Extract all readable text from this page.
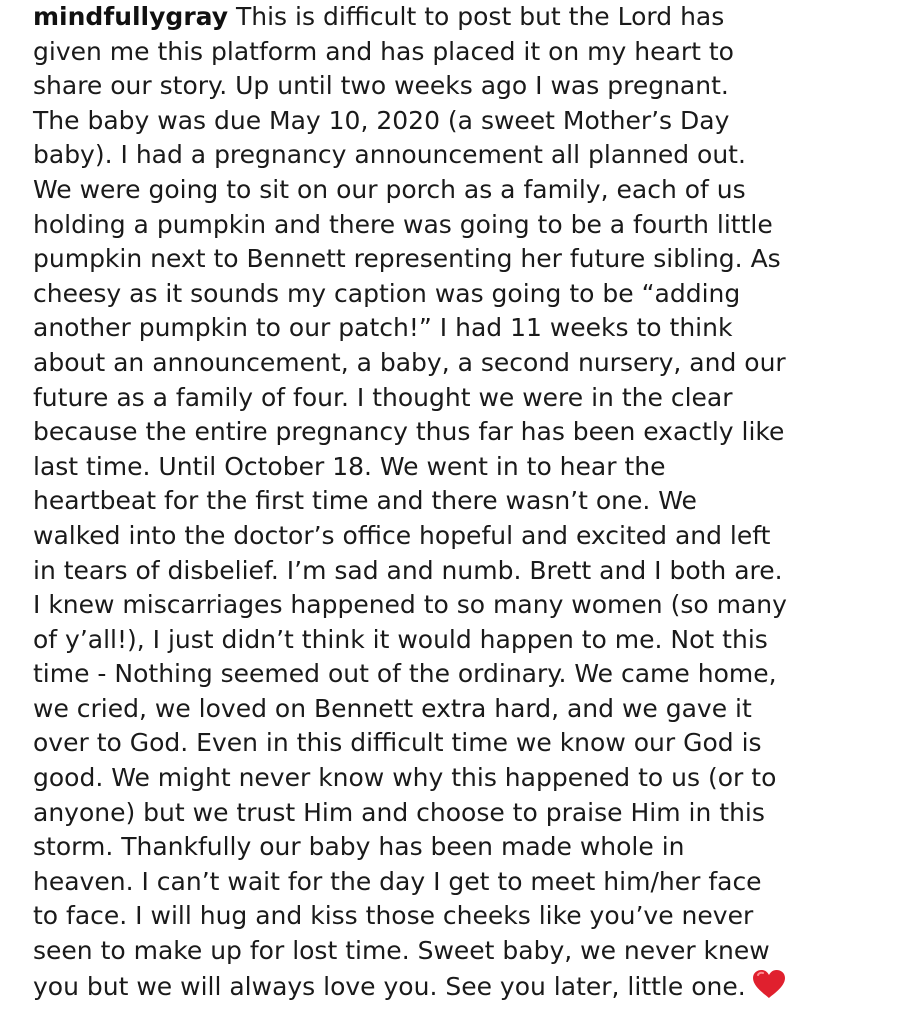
mindfullygray This is difficult to post but the Lord has
given me this platform and has placed it on my heart to
share our story. Up until two weeks ago I was pregnant.
The baby was due May 10, 2020 (a sweet Mother’s Day
baby). I had a pregnancy announcement all planned out.
We were going to sit on our porch as a family, each of us
holding a pumpkin and there was going to be a fourth little
pumpkin next to Bennett representing her future sibling. As
cheesy as it sounds my caption was going to be “adding
another pumpkin to our patch!” I had 11 weeks to think
about an announcement, a baby, a second nursery, and our
future as a family of four. I thought we were in the clear
because the entire pregnancy thus far has been exactly like
last time. Until October 18. We went in to hear the
heartbeat for the first time and there wasn’t one. We
walked into the doctor’s office hopeful and excited and left
in tears of disbelief. I’m sad and numb. Brett and I both are.
I knew miscarriages happened to so many women (so many
of y’all!), I just didn’t think it would happen to me. Not this
time - Nothing seemed out of the ordinary. We came home,
we cried, we loved on Bennett extra hard, and we gave it
over to God. Even in this difficult time we know our God is
good. We might never know why this happened to us (or to
anyone) but we trust Him and choose to praise Him in this
storm. Thankfully our baby has been made whole in
heaven. I can’t wait for the day I get to meet him/her face
to face. I will hug and kiss those cheeks like you’ve never
seen to make up for lost time. Sweet baby, we never knew
you but we will always love you. See you later, little one.
